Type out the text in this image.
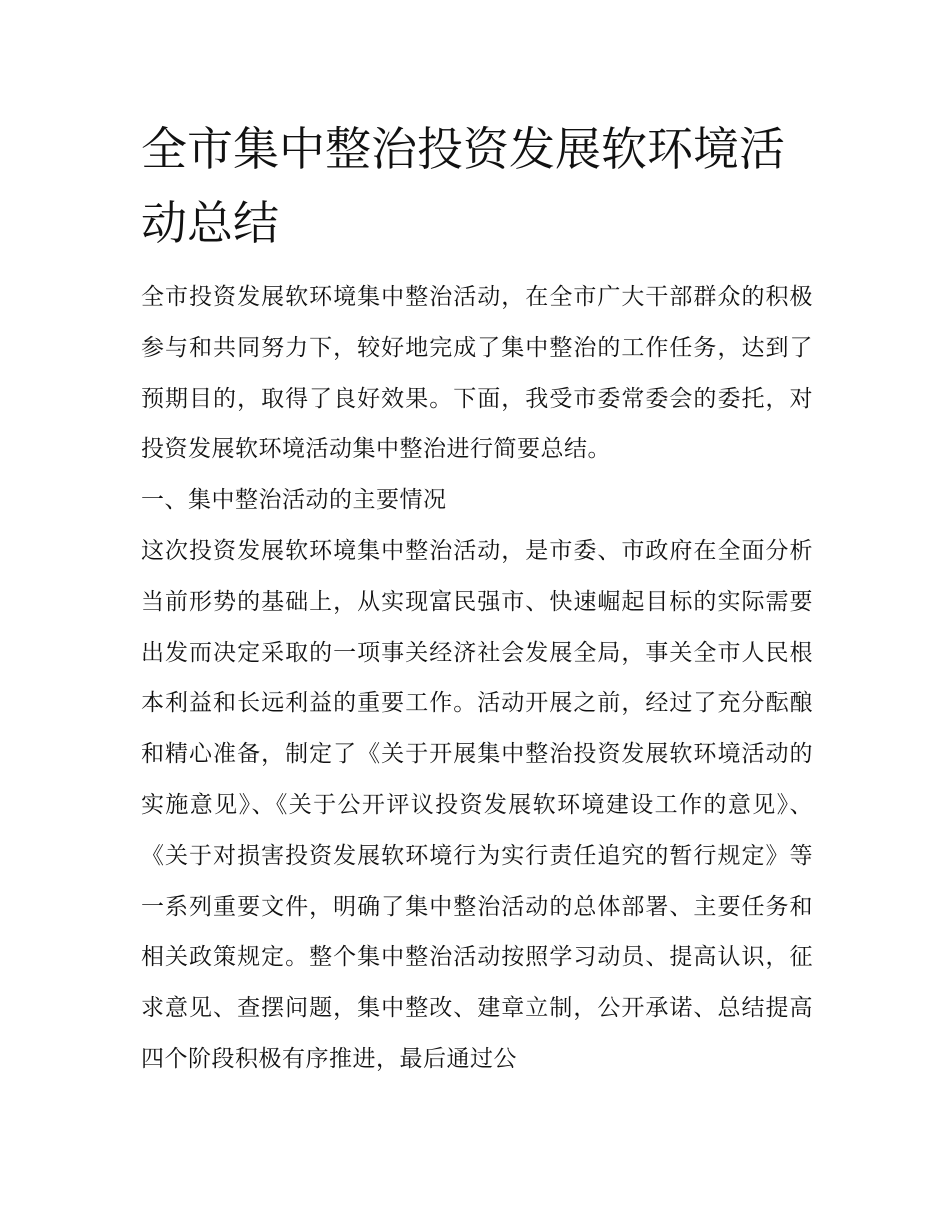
全市集中整治投资发展软环境活动总结

全市投资发展软环境集中整治活动，在全市广大干部群众的积极参与和共同努力下，较好地完成了集中整治的工作任务，达到了预期目的，取得了良好效果。下面，我受市委常委会的委托，对投资发展软环境活动集中整治进行简要总结。

一、集中整治活动的主要情况

这次投资发展软环境集中整治活动，是市委、市政府在全面分析当前形势的基础上，从实现富民强市、快速崛起目标的实际需要出发而决定采取的一项事关经济社会发展全局，事关全市人民根本利益和长远利益的重要工作。活动开展之前，经过了充分酝酿和精心准备，制定了《关于开展集中整治投资发展软环境活动的实施意见》、《关于公开评议投资发展软环境建设工作的意见》、《关于对损害投资发展软环境行为实行责任追究的暂行规定》等一系列重要文件，明确了集中整治活动的总体部署、主要任务和相关政策规定。整个集中整治活动按照学习动员、提高认识，征求意见、查摆问题，集中整改、建章立制，公开承诺、总结提高四个阶段积极有序推进，最后通过公
